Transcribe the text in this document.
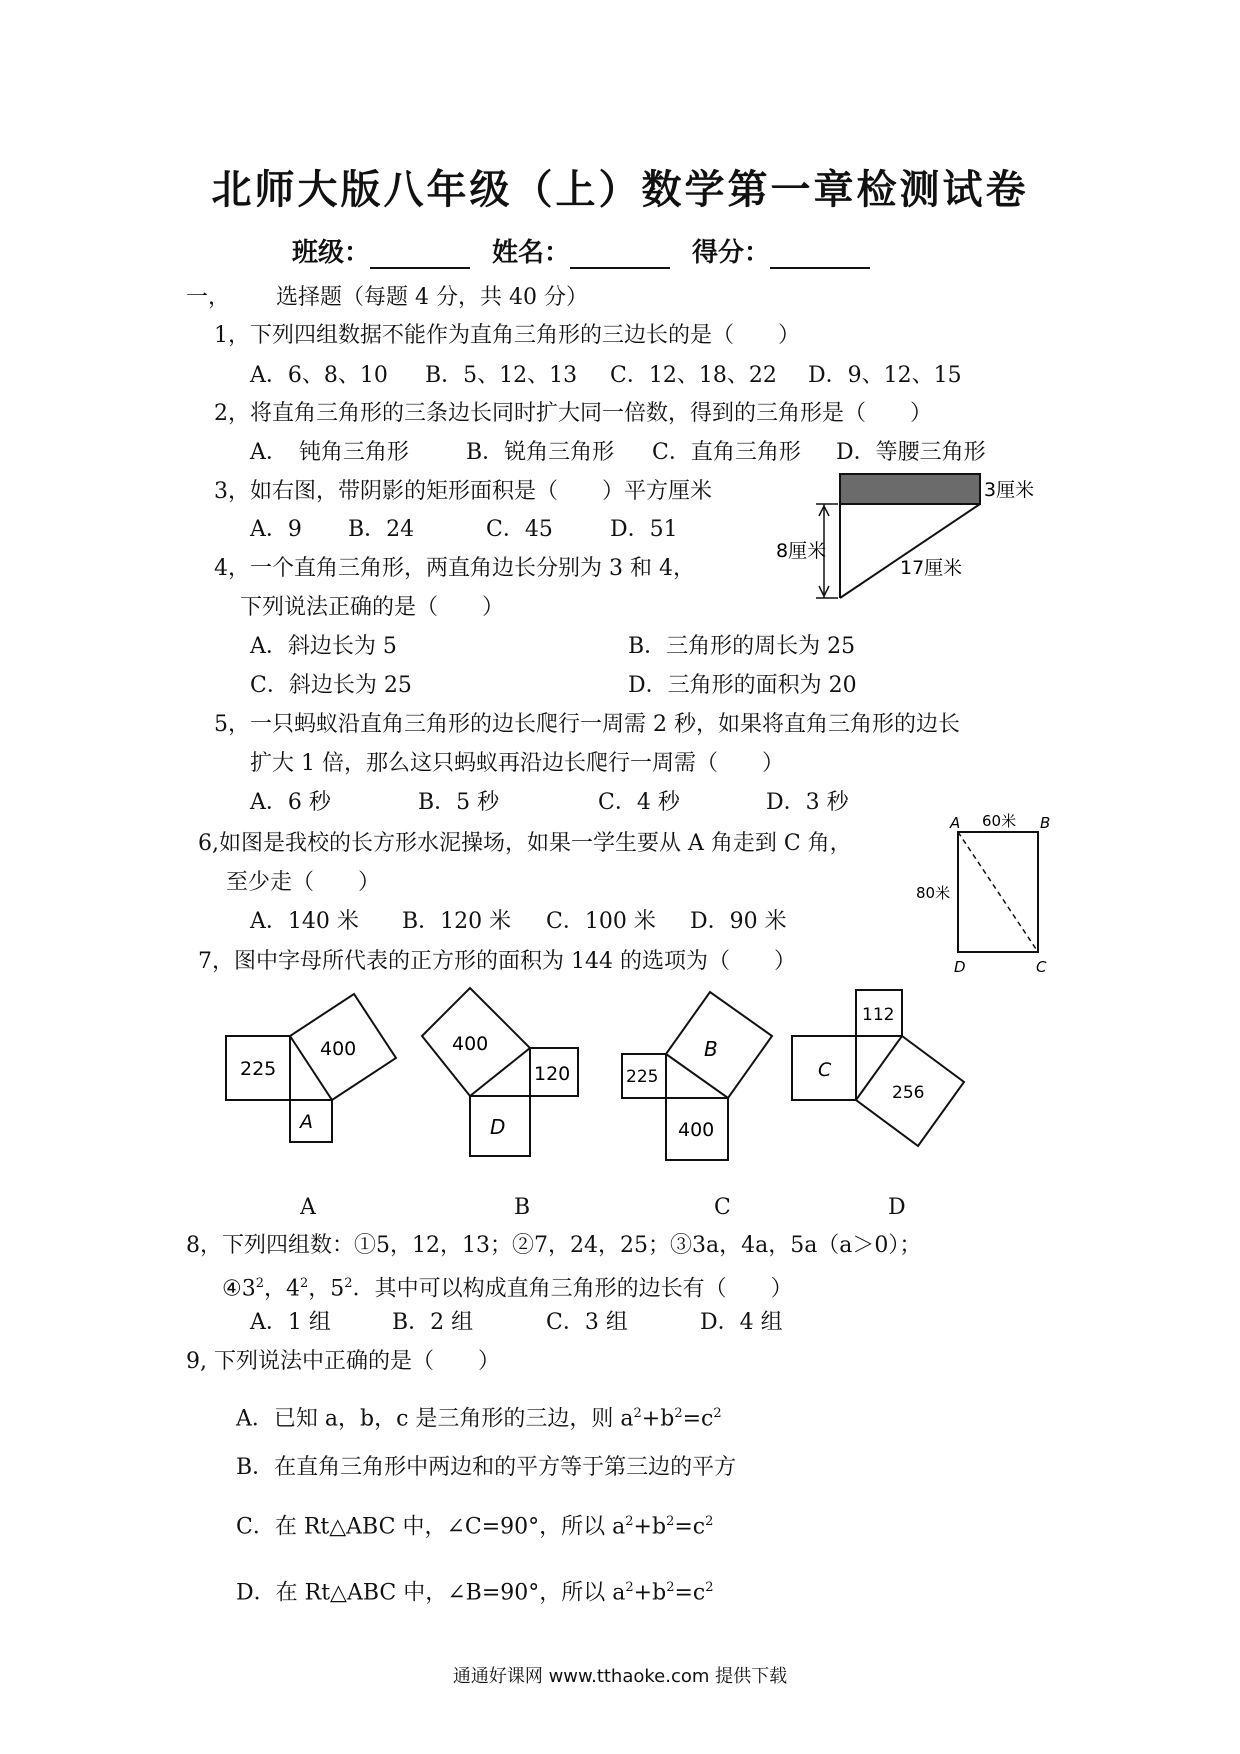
北师大版八年级（上）数学第一章检测试卷
班级：	姓名：	得分：
一， 选择题（每题 4 分，共 40 分）
1，下列四组数据不能作为直角三角形的三边长的是（　　）
A．6、8、10 B．5、12、13 C．12、18、22 D．9、12、15
2，将直角三角形的三条边长同时扩大同一倍数，得到的三角形是（　　）
A．　钝角三角形	B．锐角三角形 C．直角三角形 D．等腰三角形
3，如右图，带阴影的矩形面积是（　　）平方厘米
A．9 B．24	C．45	D．51
3厘米
8厘米
17厘米
4，一个直角三角形，两直角边长分别为 3 和 4，
下列说法正确的是（　　）
A．斜边长为 5	B．三角形的周长为 25
C．斜边长为 25	D．三角形的面积为 20
5，一只蚂蚁沿直角三角形的边长爬行一周需 2 秒，如果将直角三角形的边长
扩大 1 倍，那么这只蚂蚁再沿边长爬行一周需（　　）
A．6 秒	B．5 秒	C．4 秒	D．3 秒
6,如图是我校的长方形水泥操场，如果一学生要从 A 角走到 C 角，
至少走（　　）
A．140 米 B．120 米 C．100 米 D．90 米
A	B
C
D
60米
80米
7，图中字母所代表的正方形的面积为 144 的选项为（　　）
225
400
A
400
120
D
225
400
B
112
256
C
A	B	C	D
8，下列四组数：①5，12，13；②7，24，25；③3a，4a，5a（a＞0）；
$④3^2$，$4^2$，$5^2$．其中可以构成直角三角形的边长有（　　）
A．1 组	B．2 组	C．3 组	D．4 组
9, 下列说法中正确的是（　　）
A．已知 a，b，c 是三角形的三边，则 $a^2+b^2=c^2$
B．在直角三角形中两边和的平方等于第三边的平方
C．在 Rt△ABC 中，∠C=90°，所以 $a^2+b^2=c^2$
D．在 Rt△ABC 中，∠B=90°，所以 $a^2+b^2=c^2$
通通好课网 www.tthaoke.com 提供下载
